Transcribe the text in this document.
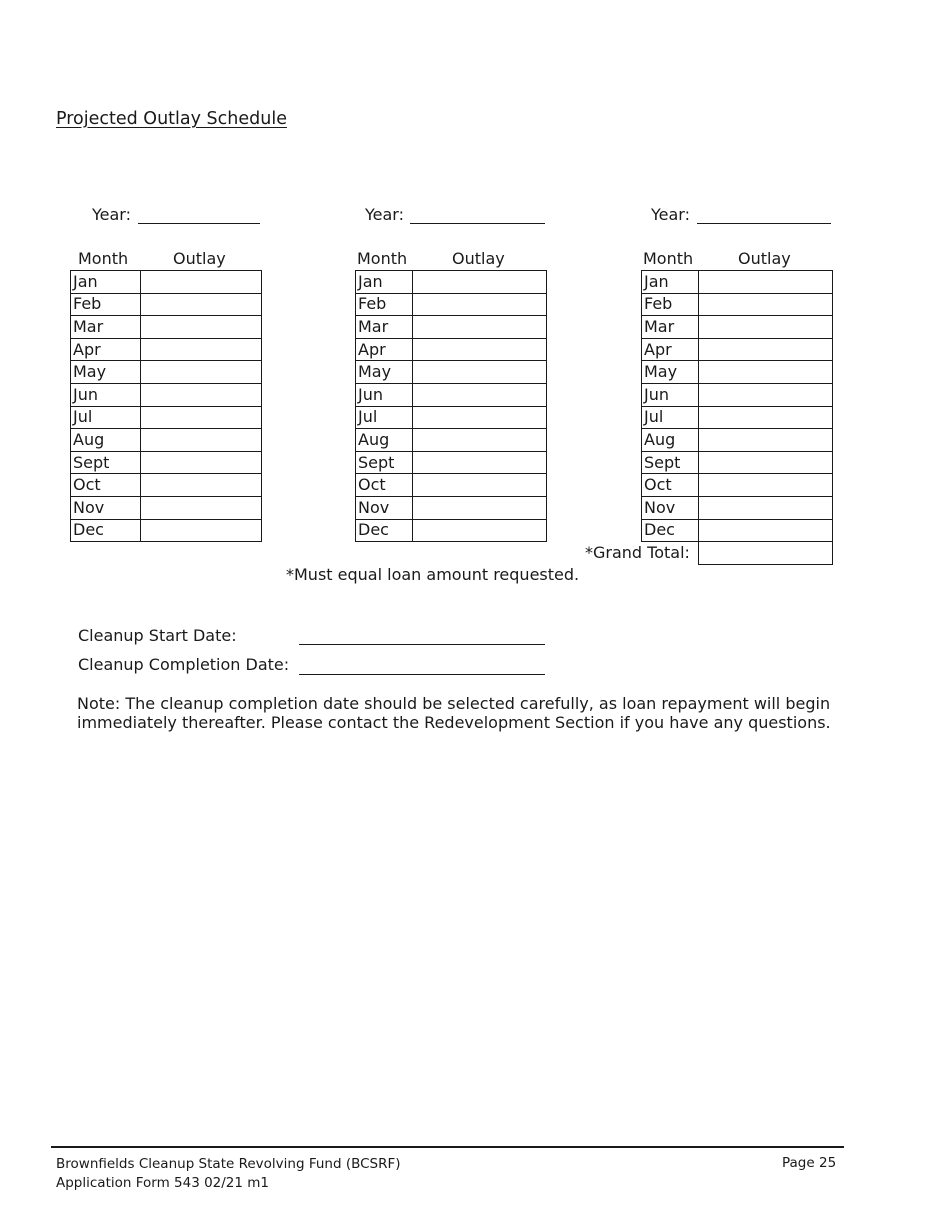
Projected Outlay Schedule
Year:
Month	Outlay
Jan	
Feb	
Mar	
Apr	
May	
Jun	
Jul	
Aug	
Sept	
Oct	
Nov	
Dec	
Year:
Month	Outlay
Jan	
Feb	
Mar	
Apr	
May	
Jun	
Jul	
Aug	
Sept	
Oct	
Nov	
Dec	
Year:
Month	Outlay
Jan	
Feb	
Mar	
Apr	
May	
Jun	
Jul	
Aug	
Sept	
Oct	
Nov	
Dec	
*Grand Total:
*Must equal loan amount requested.
Cleanup Start Date:
Cleanup Completion Date:
Note: The cleanup completion date should be selected carefully, as loan repayment will begin immediately thereafter. Please contact the Redevelopment Section if you have any questions.
Brownfields Cleanup State Revolving Fund (BCSRF)
Application Form 543 02/21 m1
Page 25
